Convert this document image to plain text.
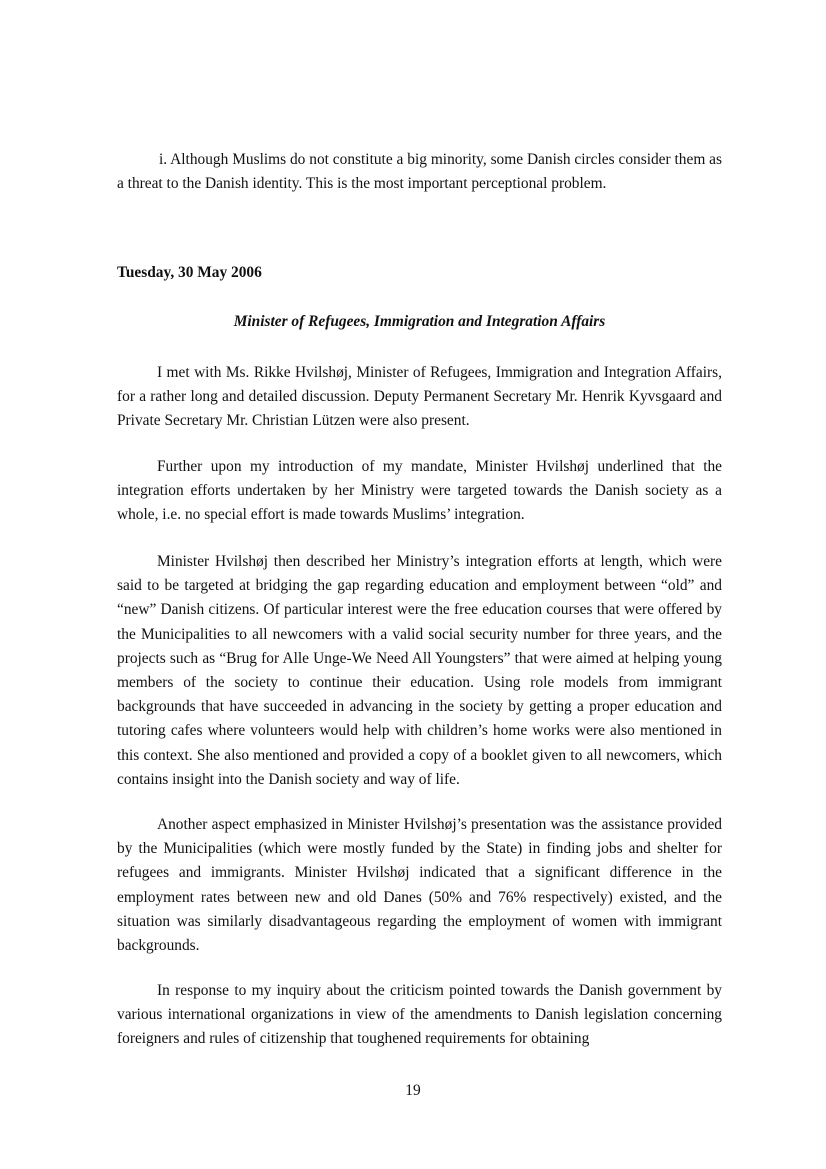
i. Although Muslims do not constitute a big minority, some Danish circles consider them as a threat to the Danish identity. This is the most important perceptional problem.

Tuesday, 30 May 2006

Minister of Refugees, Immigration and Integration Affairs

I met with Ms. Rikke Hvilshøj, Minister of Refugees, Immigration and Integration Affairs, for a rather long and detailed discussion. Deputy Permanent Secretary Mr. Henrik Kyvsgaard and Private Secretary Mr. Christian Lützen were also present.

Further upon my introduction of my mandate, Minister Hvilshøj underlined that the integration efforts undertaken by her Ministry were targeted towards the Danish society as a whole, i.e. no special effort is made towards Muslims’ integration.

Minister Hvilshøj then described her Ministry’s integration efforts at length, which were said to be targeted at bridging the gap regarding education and employment between “old” and “new” Danish citizens. Of particular interest were the free education courses that were offered by the Municipalities to all newcomers with a valid social security number for three years, and the projects such as “Brug for Alle Unge-We Need All Youngsters” that were aimed at helping young members of the society to continue their education. Using role models from immigrant backgrounds that have succeeded in advancing in the society by getting a proper education and tutoring cafes where volunteers would help with children’s home works were also mentioned in this context. She also mentioned and provided a copy of a booklet given to all newcomers, which contains insight into the Danish society and way of life.

Another aspect emphasized in Minister Hvilshøj’s presentation was the assistance provided by the Municipalities (which were mostly funded by the State) in finding jobs and shelter for refugees and immigrants. Minister Hvilshøj indicated that a significant difference in the employment rates between new and old Danes (50% and 76% respectively) existed, and the situation was similarly disadvantageous regarding the employment of women with immigrant backgrounds.

In response to my inquiry about the criticism pointed towards the Danish government by various international organizations in view of the amendments to Danish legislation concerning foreigners and rules of citizenship that toughened requirements for obtaining

19
